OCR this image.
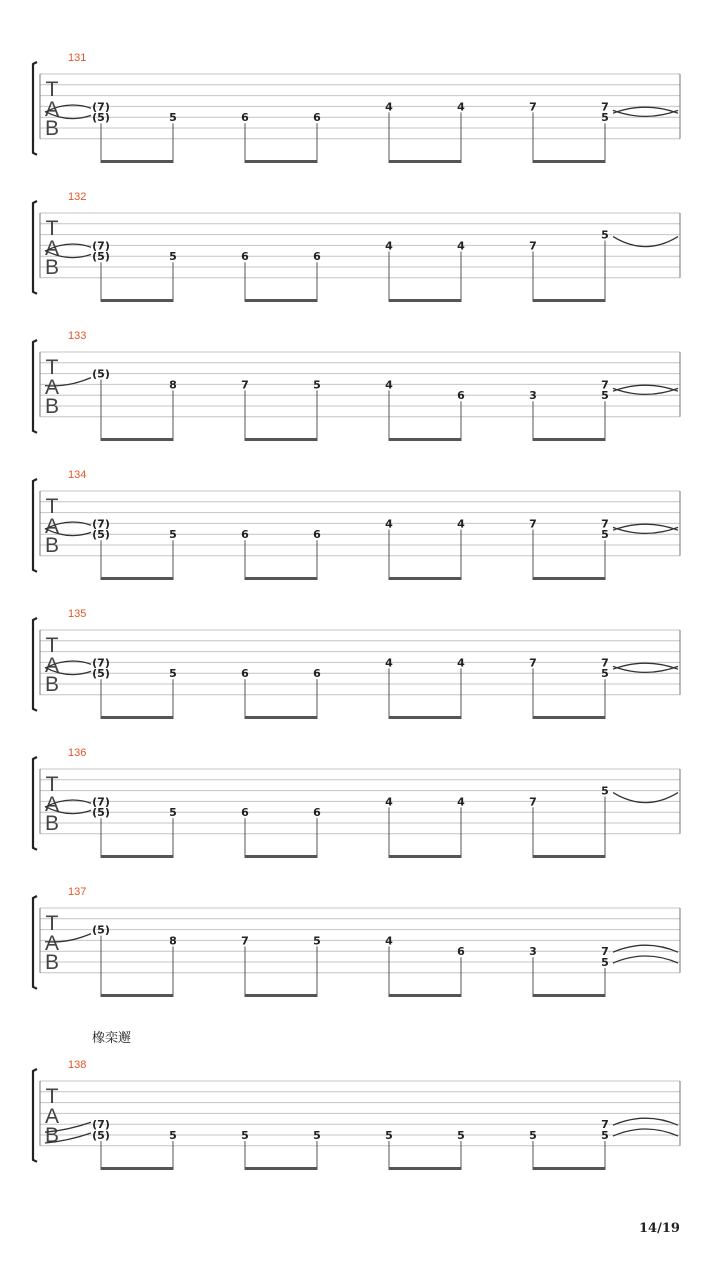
T
A
B
131
(7)
(5)	5	6	6
4	4	7	7
5
T
A
B
132
(7)
(5)	5	6	6
4	4	7
5
T
A
B
133
(5)
8	7	5	4
6	3
7
5
T
A
B
134
(7)
(5)	5	6	6
4	4	7	7
5
T
A
B
135
(7)
(5)	5	6	6
4	4	7	7
5
T
A
B
136
(7)
(5)	5	6	6
4	4	7
5
T
A
B
137
(5)
8	7	5	4
6	3	7
5
T
A
B
138
(7)
(5)	5	5	5	5	5	5
7
5
橡栾邂
14/19
